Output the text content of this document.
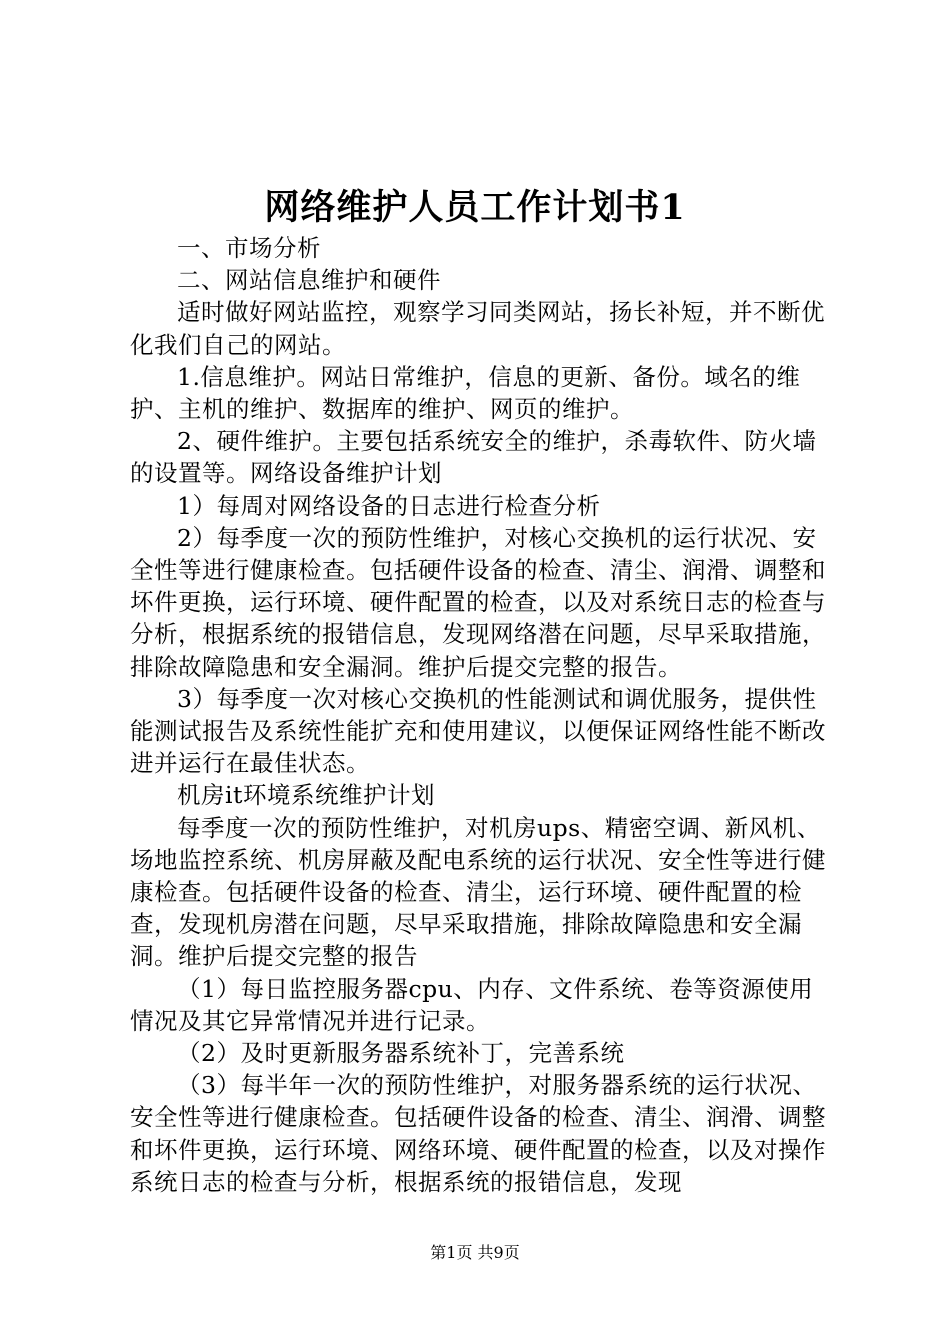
网络维护人员工作计划书1

一、市场分析

二、网站信息维护和硬件

适时做好网站监控，观察学习同类网站，扬长补短，并不断优化我们自己的网站。

1.信息维护。网站日常维护，信息的更新、备份。域名的维护、主机的维护、数据库的维护、网页的维护。

2、硬件维护。主要包括系统安全的维护，杀毒软件、防火墙的设置等。网络设备维护计划

1）每周对网络设备的日志进行检查分析

2）每季度一次的预防性维护，对核心交换机的运行状况、安全性等进行健康检查。包括硬件设备的检查、清尘、润滑、调整和坏件更换，运行环境、硬件配置的检查，以及对系统日志的检查与分析，根据系统的报错信息，发现网络潜在问题，尽早采取措施，排除故障隐患和安全漏洞。维护后提交完整的报告。

3）每季度一次对核心交换机的性能测试和调优服务，提供性能测试报告及系统性能扩充和使用建议，以便保证网络性能不断改进并运行在最佳状态。

机房it环境系统维护计划

每季度一次的预防性维护，对机房ups、精密空调、新风机、场地监控系统、机房屏蔽及配电系统的运行状况、安全性等进行健康检查。包括硬件设备的检查、清尘，运行环境、硬件配置的检查，发现机房潜在问题，尽早采取措施，排除故障隐患和安全漏洞。维护后提交完整的报告

（1）每日监控服务器cpu、内存、文件系统、卷等资源使用情况及其它异常情况并进行记录。

（2）及时更新服务器系统补丁，完善系统

（3）每半年一次的预防性维护，对服务器系统的运行状况、安全性等进行健康检查。包括硬件设备的检查、清尘、润滑、调整和坏件更换，运行环境、网络环境、硬件配置的检查，以及对操作系统日志的检查与分析，根据系统的报错信息，发现

第1页 共9页
